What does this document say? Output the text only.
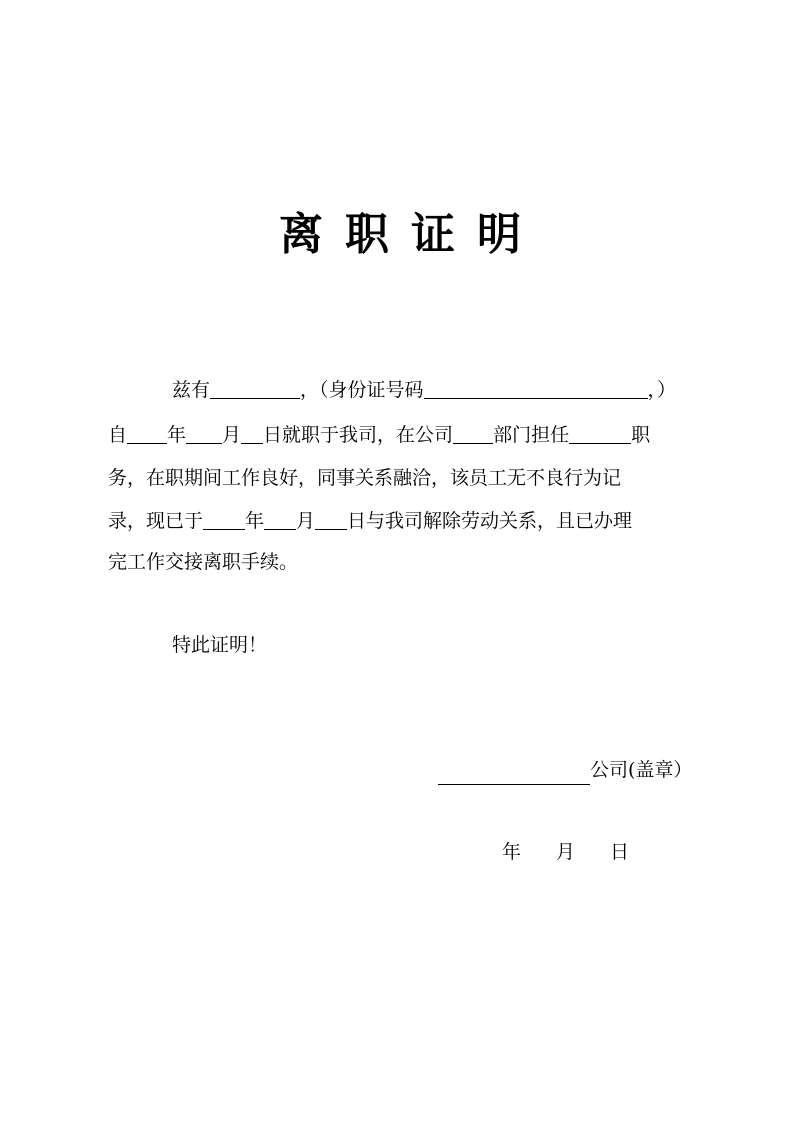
离职证明

兹有	，（身份证号码	，）

自 年 月 日就职于我司，在公司 部门担任	职

务，在职期间工作良好，同事关系融洽，该员工无不良行为记

录，现已于 年 月 日与我司解除劳动关系，且已办理

完工作交接离职手续。

特此证明！

公司(盖章）
年 月 日
